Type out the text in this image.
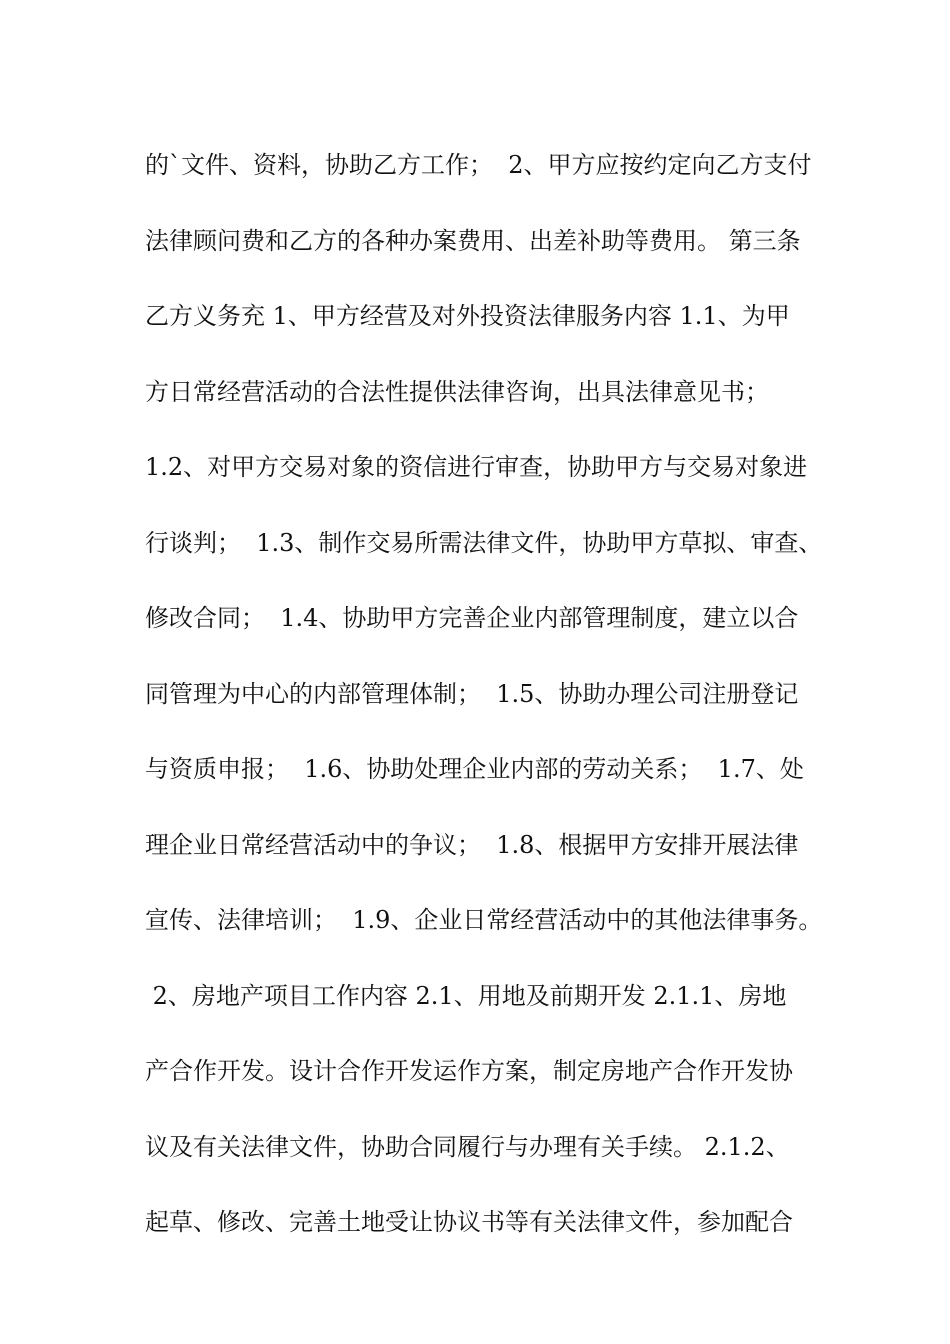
的`文件、资料，协助乙方工作；  2、甲方应按约定向乙方支付
法律顾问费和乙方的各种办案费用、出差补助等费用。 第三条
乙方义务充 1、甲方经营及对外投资法律服务内容 1.1、为甲
方日常经营活动的合法性提供法律咨询，出具法律意见书；
1.2、对甲方交易对象的资信进行审查，协助甲方与交易对象进
行谈判；  1.3、制作交易所需法律文件，协助甲方草拟、审查、
修改合同；  1.4、协助甲方完善企业内部管理制度，建立以合
同管理为中心的内部管理体制；  1.5、协助办理公司注册登记
与资质申报；  1.6、协助处理企业内部的劳动关系；  1.7、处
理企业日常经营活动中的争议；  1.8、根据甲方安排开展法律
宣传、法律培训；  1.9、企业日常经营活动中的其他法律事务。
2、房地产项目工作内容 2.1、用地及前期开发 2.1.1、房地
产合作开发。设计合作开发运作方案，制定房地产合作开发协
议及有关法律文件，协助合同履行与办理有关手续。 2.1.2、
起草、修改、完善土地受让协议书等有关法律文件，参加配合
